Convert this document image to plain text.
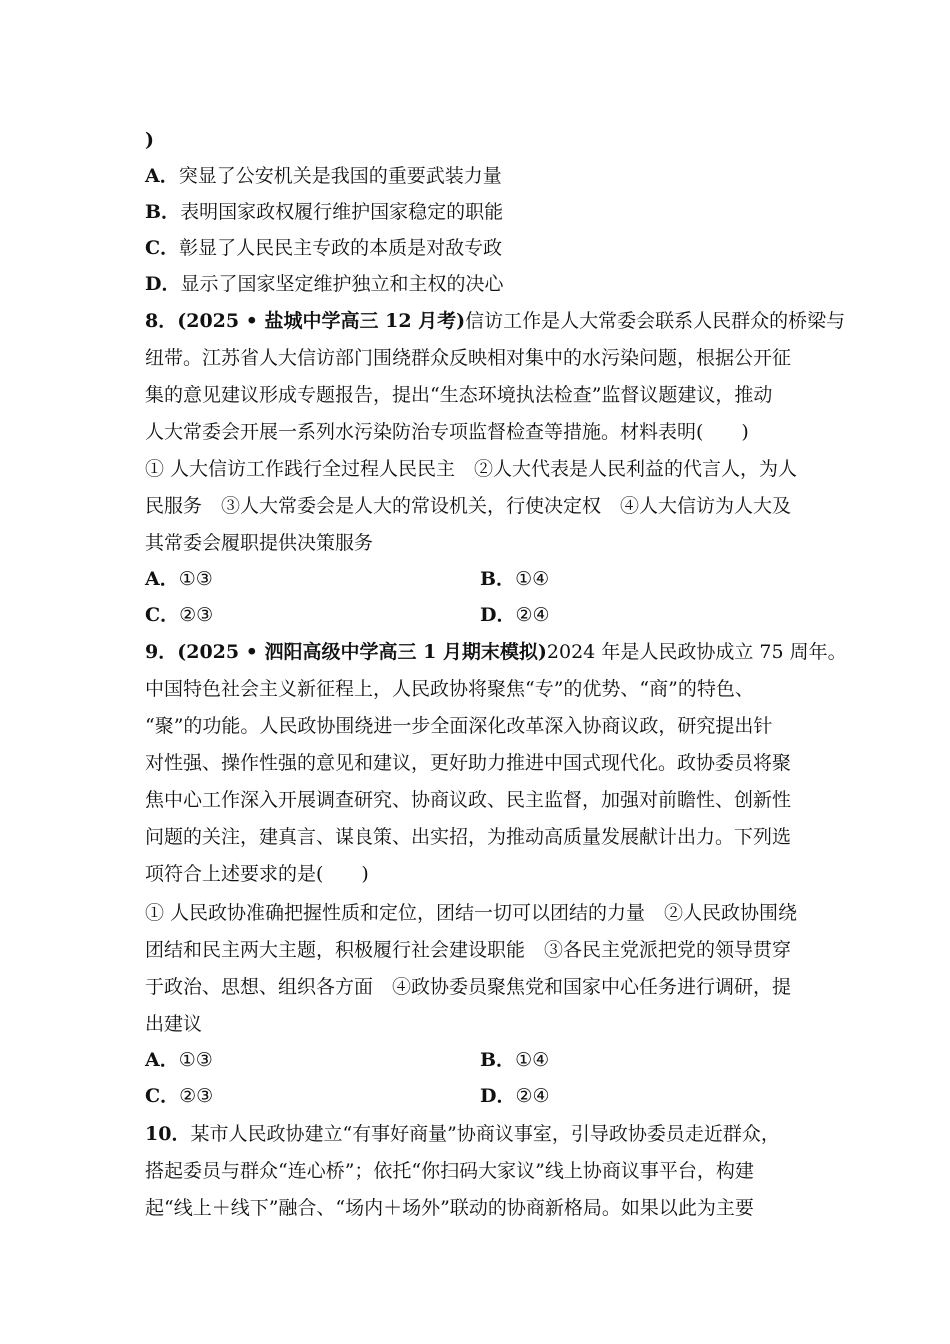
)
A．突显了公安机关是我国的重要武装力量
B．表明国家政权履行维护国家稳定的职能
C．彰显了人民民主专政的本质是对敌专政
D．显示了国家坚定维护独立和主权的决心
8．(2025 • 盐城中学高三 12 月考)信访工作是人大常委会联系人民群众的桥梁与
纽带。江苏省人大信访部门围绕群众反映相对集中的水污染问题，根据公开征
集的意见建议形成专题报告，提出“生态环境执法检查”监督议题建议，推动
人大常委会开展一系列水污染防治专项监督检查等措施。材料表明(　　)
① 人大信访工作践行全过程人民民主　②人大代表是人民利益的代言人，为人
民服务　③人大常委会是人大的常设机关，行使决定权　④人大信访为人大及
其常委会履职提供决策服务
A．①③	B．①④
C．②③	D．②④
9．(2025 • 泗阳高级中学高三 1 月期末模拟)2024 年是人民政协成立 75 周年。
中国特色社会主义新征程上，人民政协将聚焦“专”的优势、“商”的特色、
“聚”的功能。人民政协围绕进一步全面深化改革深入协商议政，研究提出针
对性强、操作性强的意见和建议，更好助力推进中国式现代化。政协委员将聚
焦中心工作深入开展调查研究、协商议政、民主监督，加强对前瞻性、创新性
问题的关注，建真言、谋良策、出实招，为推动高质量发展献计出力。下列选
项符合上述要求的是(　　)
① 人民政协准确把握性质和定位，团结一切可以团结的力量　②人民政协围绕
团结和民主两大主题，积极履行社会建设职能　③各民主党派把党的领导贯穿
于政治、思想、组织各方面　④政协委员聚焦党和国家中心任务进行调研，提
出建议
A．①③	B．①④
C．②③	D．②④
10．某市人民政协建立“有事好商量”协商议事室，引导政协委员走近群众，
搭起委员与群众“连心桥”；依托“你扫码大家议”线上协商议事平台，构建
起“线上＋线下”融合、“场内＋场外”联动的协商新格局。如果以此为主要
